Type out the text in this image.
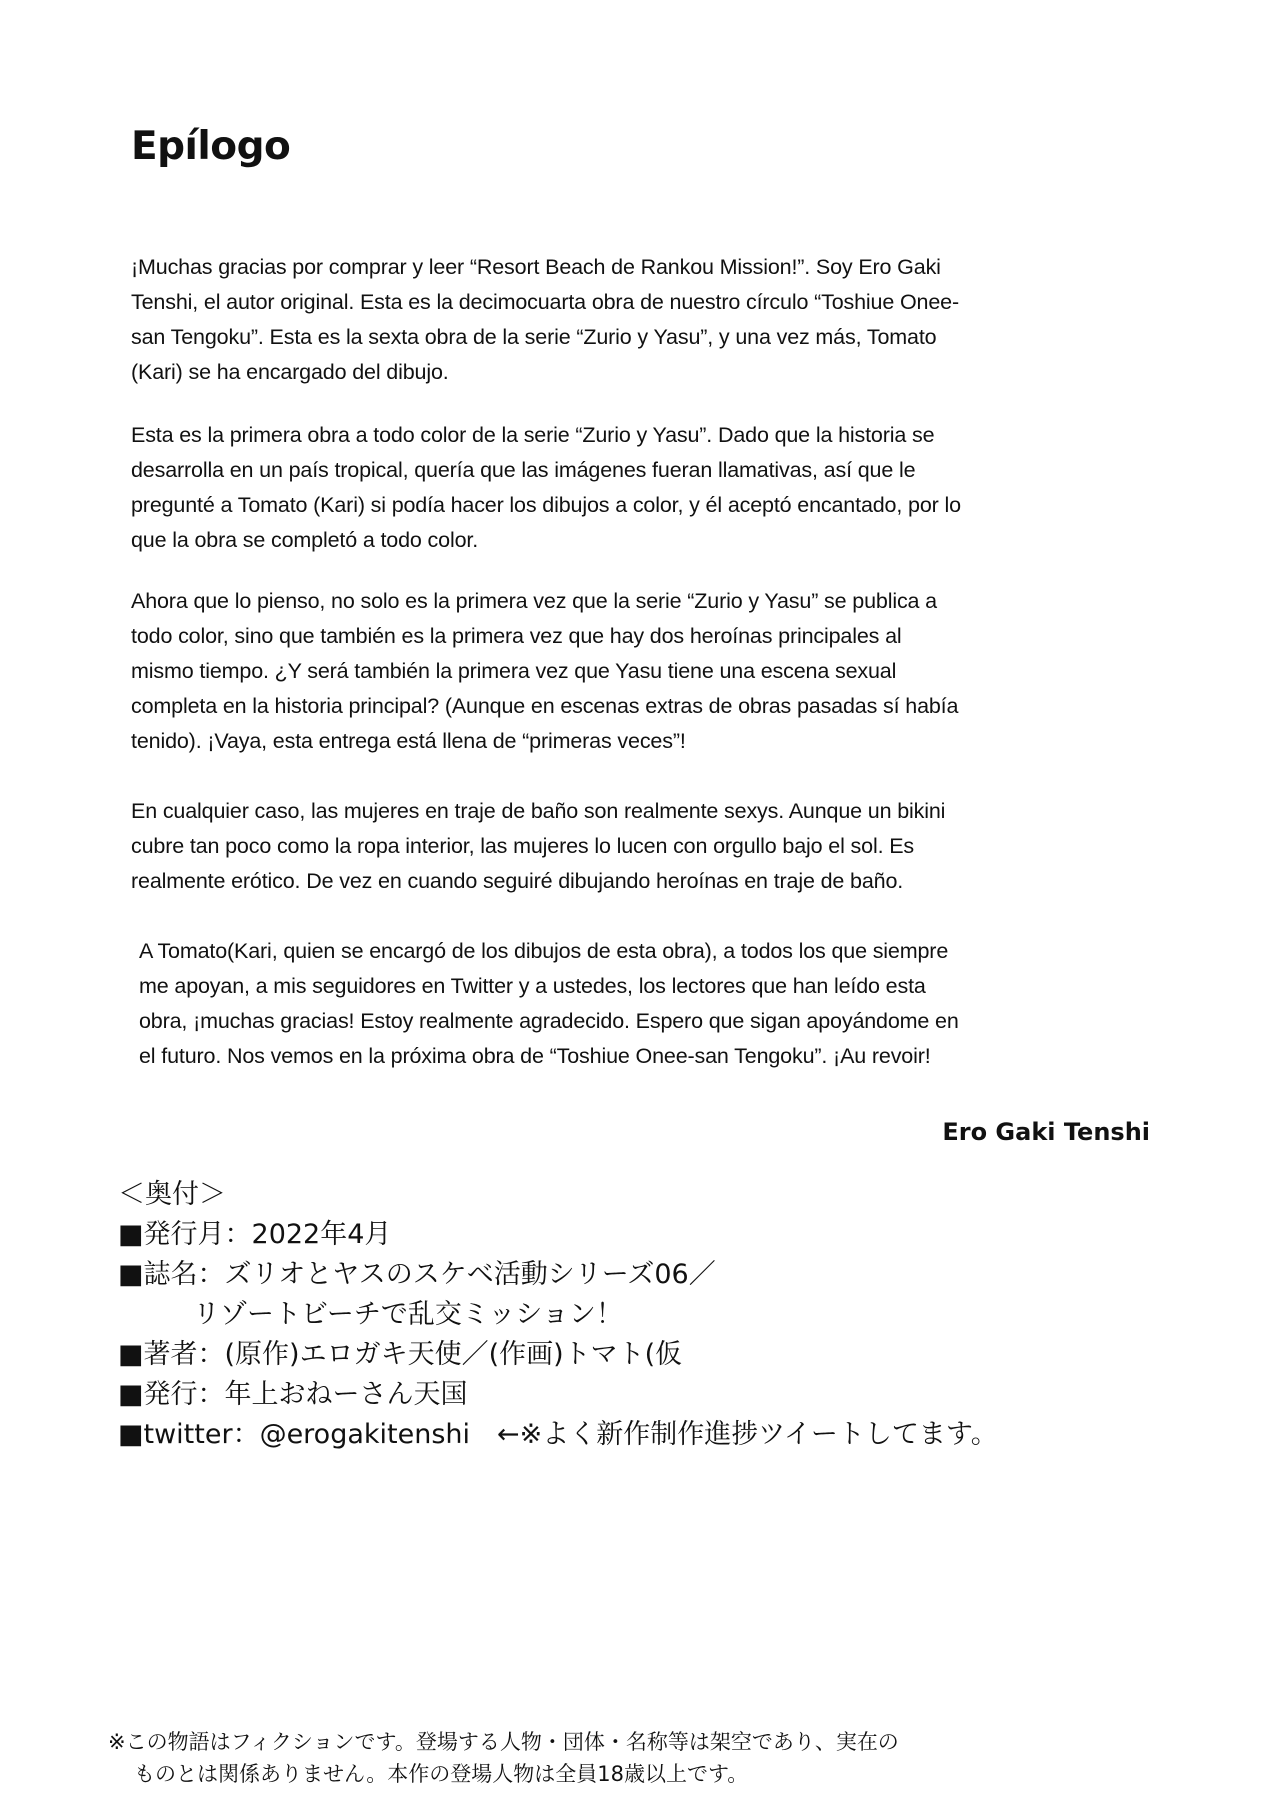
Epílogo

¡Muchas gracias por comprar y leer “Resort Beach de Rankou Mission!”. Soy Ero Gaki Tenshi, el autor original. Esta es la decimocuarta obra de nuestro círculo “Toshiue Onee-san Tengoku”. Esta es la sexta obra de la serie “Zurio y Yasu”, y una vez más, Tomato (Kari) se ha encargado del dibujo.

Esta es la primera obra a todo color de la serie “Zurio y Yasu”. Dado que la historia se desarrolla en un país tropical, quería que las imágenes fueran llamativas, así que le pregunté a Tomato (Kari) si podía hacer los dibujos a color, y él aceptó encantado, por lo que la obra se completó a todo color.

Ahora que lo pienso, no solo es la primera vez que la serie “Zurio y Yasu” se publica a todo color, sino que también es la primera vez que hay dos heroínas principales al mismo tiempo. ¿Y será también la primera vez que Yasu tiene una escena sexual completa en la historia principal? (Aunque en escenas extras de obras pasadas sí había tenido). ¡Vaya, esta entrega está llena de “primeras veces”!

En cualquier caso, las mujeres en traje de baño son realmente sexys. Aunque un bikini cubre tan poco como la ropa interior, las mujeres lo lucen con orgullo bajo el sol. Es realmente erótico. De vez en cuando seguiré dibujando heroínas en traje de baño.

A Tomato(Kari, quien se encargó de los dibujos de esta obra), a todos los que siempre me apoyan, a mis seguidores en Twitter y a ustedes, los lectores que han leído esta obra, ¡muchas gracias! Estoy realmente agradecido. Espero que sigan apoyándome en el futuro. Nos vemos en la próxima obra de “Toshiue Onee-san Tengoku”. ¡Au revoir!

Ero Gaki Tenshi
＜奥付＞
■発行月：2022年4月
■誌名：ズリオとヤスのスケベ活動シリーズ06／
リゾートビーチで乱交ミッション！
■著者：(原作)エロガキ天使／(作画)トマト(仮
■発行：年上おねーさん天国
■twitter：@erogakitenshi　←※よく新作制作進捗ツイートしてます。
※この物語はフィクションです。登場する人物・団体・名称等は架空であり、実在の
ものとは関係ありません。本作の登場人物は全員18歳以上です。
